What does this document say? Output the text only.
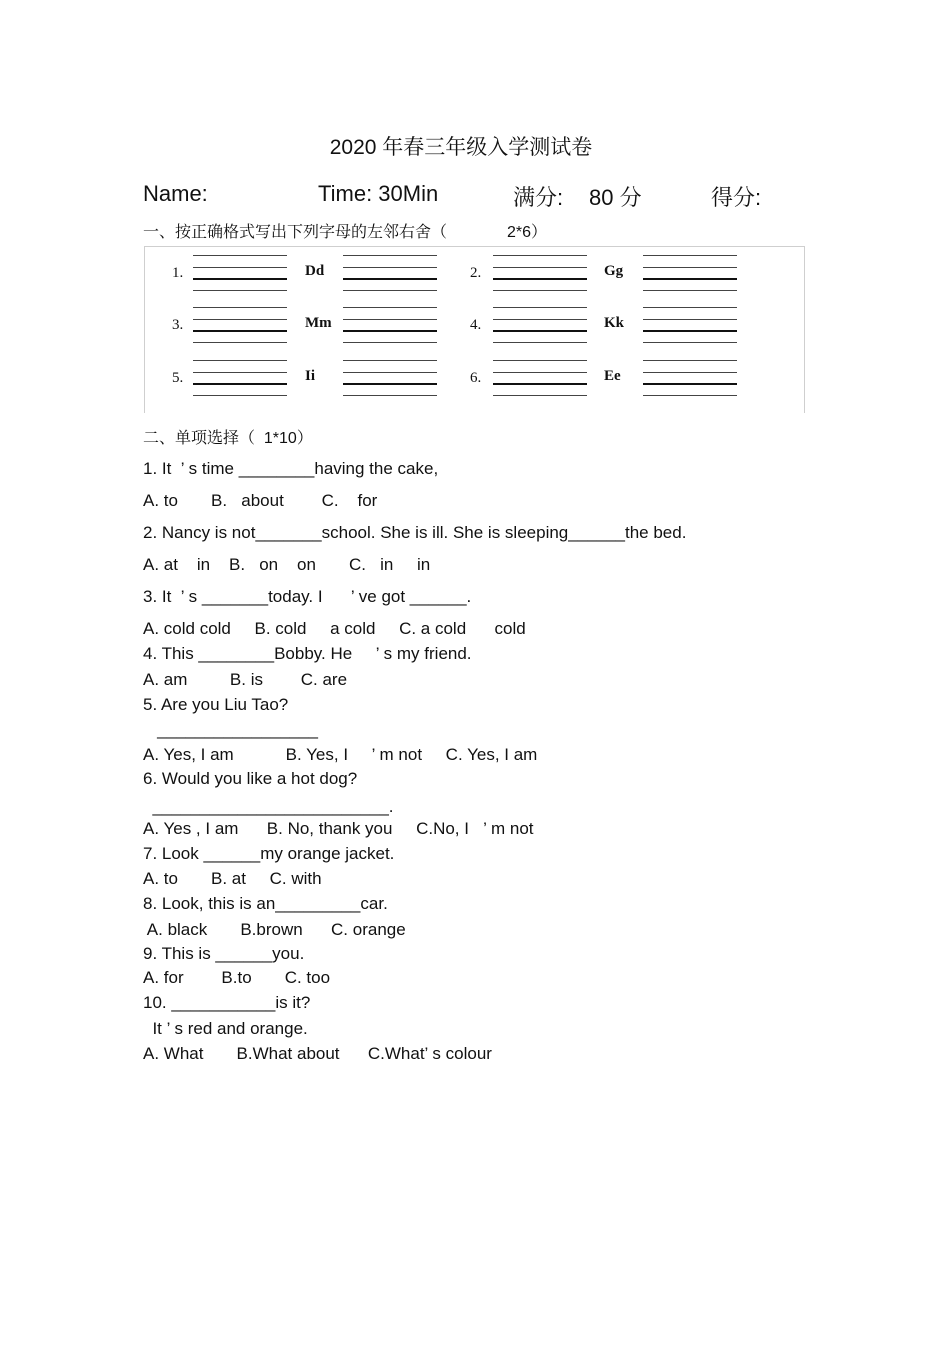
2020 年春三年级入学测试卷
Name:	Time: 30Min	满分: 80 分	得分:
一、按正确格式写出下列字母的左邻右舍（	2*6）
1.	Dd	2.	Gg
3.	Mm	4.	Kk
5.	Ii	6.	Ee
二、单项选择（  1*10）
1. It  ’ s time ________having the cake,
A. to       B.   about        C.    for
2. Nancy is not_______school. She is ill. She is sleeping______the bed.
A. at    in    B.   on    on       C.   in     in
3. It  ’ s _______today. I      ’ ve got ______.
A. cold cold     B. cold     a cold     C. a cold      cold
4. This ________Bobby. He     ’ s my friend.
A. am         B. is        C. are
5. Are you Liu Tao?
_________________
A. Yes, I am           B. Yes, I     ’ m not     C. Yes, I am
6. Would you like a hot dog?
_________________________.
A. Yes , I am      B. No, thank you     C.No, I   ’ m not
7. Look ______my orange jacket.
A. to       B. at     C. with
8. Look, this is an_________car.
A. black       B.brown      C. orange
9. This is ______you.
A. for        B.to       C. too
10. ___________is it?
It ’ s red and orange.
A. What       B.What about      C.What’ s colour
